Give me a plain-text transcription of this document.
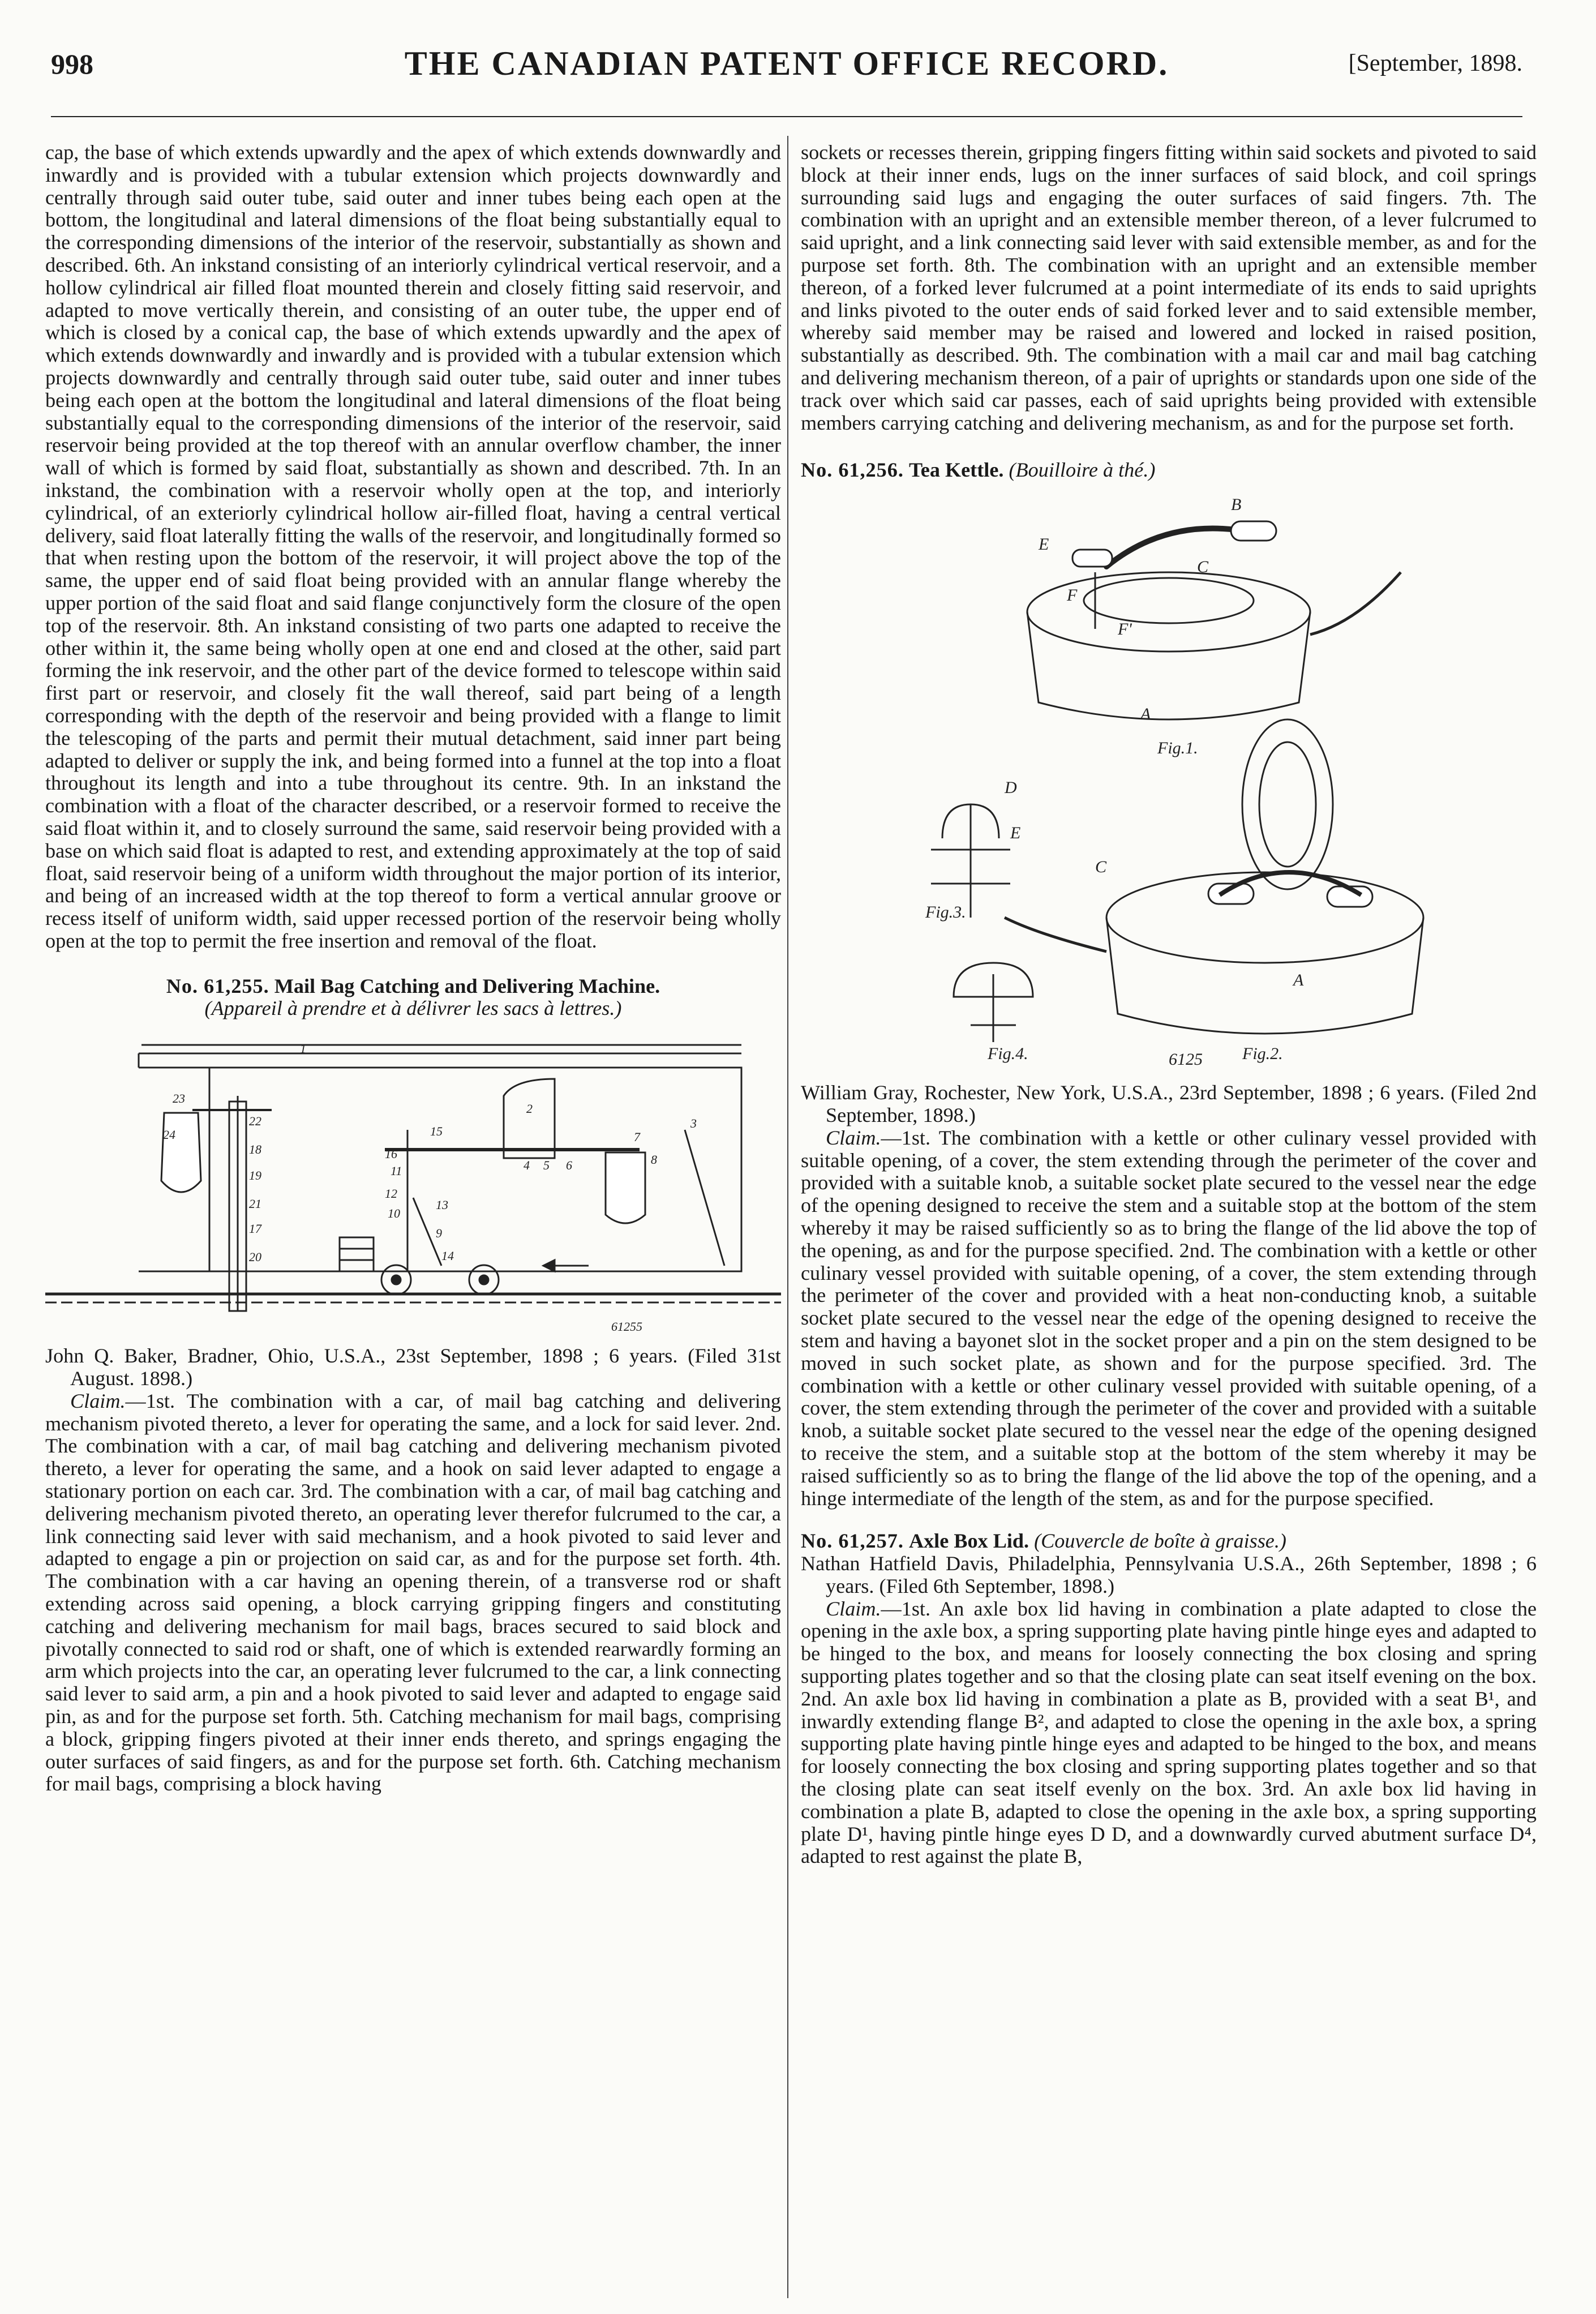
998	THE CANADIAN PATENT OFFICE RECORD.	[September, 1898.

cap, the base of which extends upwardly and the apex of which extends downwardly and inwardly and is provided with a tubular extension which projects downwardly and centrally through said outer tube, said outer and inner tubes being each open at the bottom, the longitudinal and lateral dimensions of the float being substantially equal to the corresponding dimensions of the interior of the reservoir, substantially as shown and described. 6th. An inkstand consisting of an interiorly cylindrical vertical reservoir, and a hollow cylindrical air filled float mounted therein and closely fitting said reservoir, and adapted to move vertically therein, and consisting of an outer tube, the upper end of which is closed by a conical cap, the base of which extends upwardly and the apex of which extends downwardly and inwardly and is provided with a tubular extension which projects downwardly and centrally through said outer tube, said outer and inner tubes being each open at the bottom the longitudinal and lateral dimensions of the float being substantially equal to the corresponding dimensions of the interior of the reservoir, said reservoir being provided at the top thereof with an annular overflow chamber, the inner wall of which is formed by said float, substantially as shown and described. 7th. In an inkstand, the combination with a reservoir wholly open at the top, and interiorly cylindrical, of an exteriorly cylindrical hollow air-filled float, having a central vertical delivery, said float laterally fitting the walls of the reservoir, and longitudinally formed so that when resting upon the bottom of the reservoir, it will project above the top of the same, the upper end of said float being provided with an annular flange whereby the upper portion of the said float and said flange conjunctively form the closure of the open top of the reservoir. 8th. An inkstand consisting of two parts one adapted to receive the other within it, the same being wholly open at one end and closed at the other, said part forming the ink reservoir, and the other part of the device formed to telescope within said first part or reservoir, and closely fit the wall thereof, said part being of a length corresponding with the depth of the reservoir and being provided with a flange to limit the telescoping of the parts and permit their mutual detachment, said inner part being adapted to deliver or supply the ink, and being formed into a funnel at the top into a float throughout its length and into a tube throughout its centre. 9th. In an inkstand the combination with a float of the character described, or a reservoir formed to receive the said float within it, and to closely surround the same, said reservoir being provided with a base on which said float is adapted to rest, and extending approximately at the top of said float, said reservoir being of a uniform width throughout the major portion of its interior, and being of an increased width at the top thereof to form a vertical annular groove or recess itself of uniform width, said upper recessed portion of the reservoir being wholly open at the top to permit the free insertion and removal of the float.

No. 61,255. Mail Bag Catching and Delivering Machine.

(Appareil à prendre et à délivrer les sacs à lettres.)

23
22
24
18
19
21
17
20
15
2
3
6
5
4
7
8
16
11
12
10
9
13
14
1
61255

John Q. Baker, Bradner, Ohio, U.S.A., 23st September, 1898 ; 6 years. (Filed 31st August. 1898.)

Claim.—1st. The combination with a car, of mail bag catching and delivering mechanism pivoted thereto, a lever for operating the same, and a lock for said lever. 2nd. The combination with a car, of mail bag catching and delivering mechanism pivoted thereto, a lever for operating the same, and a hook on said lever adapted to engage a stationary portion on each car. 3rd. The combination with a car, of mail bag catching and delivering mechanism pivoted thereto, an operating lever therefor fulcrumed to the car, a link connecting said lever with said mechanism, and a hook pivoted to said lever and adapted to engage a pin or projection on said car, as and for the purpose set forth. 4th. The combination with a car having an opening therein, of a transverse rod or shaft extending across said opening, a block carrying gripping fingers and constituting catching and delivering mechanism for mail bags, braces secured to said block and pivotally connected to said rod or shaft, one of which is extended rearwardly forming an arm which projects into the car, an operating lever fulcrumed to the car, a link connecting said lever to said arm, a pin and a hook pivoted to said lever and adapted to engage said pin, as and for the purpose set forth. 5th. Catching mechanism for mail bags, comprising a block, gripping fingers pivoted at their inner ends thereto, and springs engaging the outer surfaces of said fingers, as and for the purpose set forth. 6th. Catching mechanism for mail bags, comprising a block having

sockets or recesses therein, gripping fingers fitting within said sockets and pivoted to said block at their inner ends, lugs on the inner surfaces of said block, and coil springs surrounding said lugs and engaging the outer surfaces of said fingers. 7th. The combination with an upright and an extensible member thereon, of a lever fulcrumed to said upright, and a link connecting said lever with said extensible member, as and for the purpose set forth. 8th. The combination with an upright and an extensible member thereon, of a forked lever fulcrumed at a point intermediate of its ends to said uprights and links pivoted to the outer ends of said forked lever and to said extensible member, whereby said member may be raised and lowered and locked in raised position, substantially as described. 9th. The combination with a mail car and mail bag catching and delivering mechanism thereon, of a pair of uprights or standards upon one side of the track over which said car passes, each of said uprights being provided with extensible members carrying catching and delivering mechanism, as and for the purpose set forth.

No. 61,256. Tea Kettle. (Bouilloire à thé.)

E
B
C
F
F'
A
Fig.1.
D
E
C
A
Fig.3.
Fig.4.	6125 Fig.2.

William Gray, Rochester, New York, U.S.A., 23rd September, 1898 ; 6 years. (Filed 2nd September, 1898.)

Claim.—1st. The combination with a kettle or other culinary vessel provided with suitable opening, of a cover, the stem extending through the perimeter of the cover and provided with a suitable knob, a suitable socket plate secured to the vessel near the edge of the opening designed to receive the stem and a suitable stop at the bottom of the stem whereby it may be raised sufficiently so as to bring the flange of the lid above the top of the opening, as and for the purpose specified. 2nd. The combination with a kettle or other culinary vessel provided with suitable opening, of a cover, the stem extending through the perimeter of the cover and provided with a heat non-conducting knob, a suitable socket plate secured to the vessel near the edge of the opening designed to receive the stem and having a bayonet slot in the socket proper and a pin on the stem designed to be moved in such socket plate, as shown and for the purpose specified. 3rd. The combination with a kettle or other culinary vessel provided with suitable opening, of a cover, the stem extending through the perimeter of the cover and provided with a suitable knob, a suitable socket plate secured to the vessel near the edge of the opening designed to receive the stem, and a suitable stop at the bottom of the stem whereby it may be raised sufficiently so as to bring the flange of the lid above the top of the opening, and a hinge intermediate of the length of the stem, as and for the purpose specified.

No. 61,257. Axle Box Lid. (Couvercle de boîte à graisse.)

Nathan Hatfield Davis, Philadelphia, Pennsylvania U.S.A., 26th September, 1898 ; 6 years. (Filed 6th September, 1898.)

Claim.—1st. An axle box lid having in combination a plate adapted to close the opening in the axle box, a spring supporting plate having pintle hinge eyes and adapted to be hinged to the box, and means for loosely connecting the box closing and spring supporting plates together and so that the closing plate can seat itself evening on the box. 2nd. An axle box lid having in combination a plate as B, provided with a seat B¹, and inwardly extending flange B², and adapted to close the opening in the axle box, a spring supporting plate having pintle hinge eyes and adapted to be hinged to the box, and means for loosely connecting the box closing and spring supporting plates together and so that the closing plate can seat itself evenly on the box. 3rd. An axle box lid having in combination a plate B, adapted to close the opening in the axle box, a spring supporting plate D¹, having pintle hinge eyes D D, and a downwardly curved abutment surface D⁴, adapted to rest against the plate B,
